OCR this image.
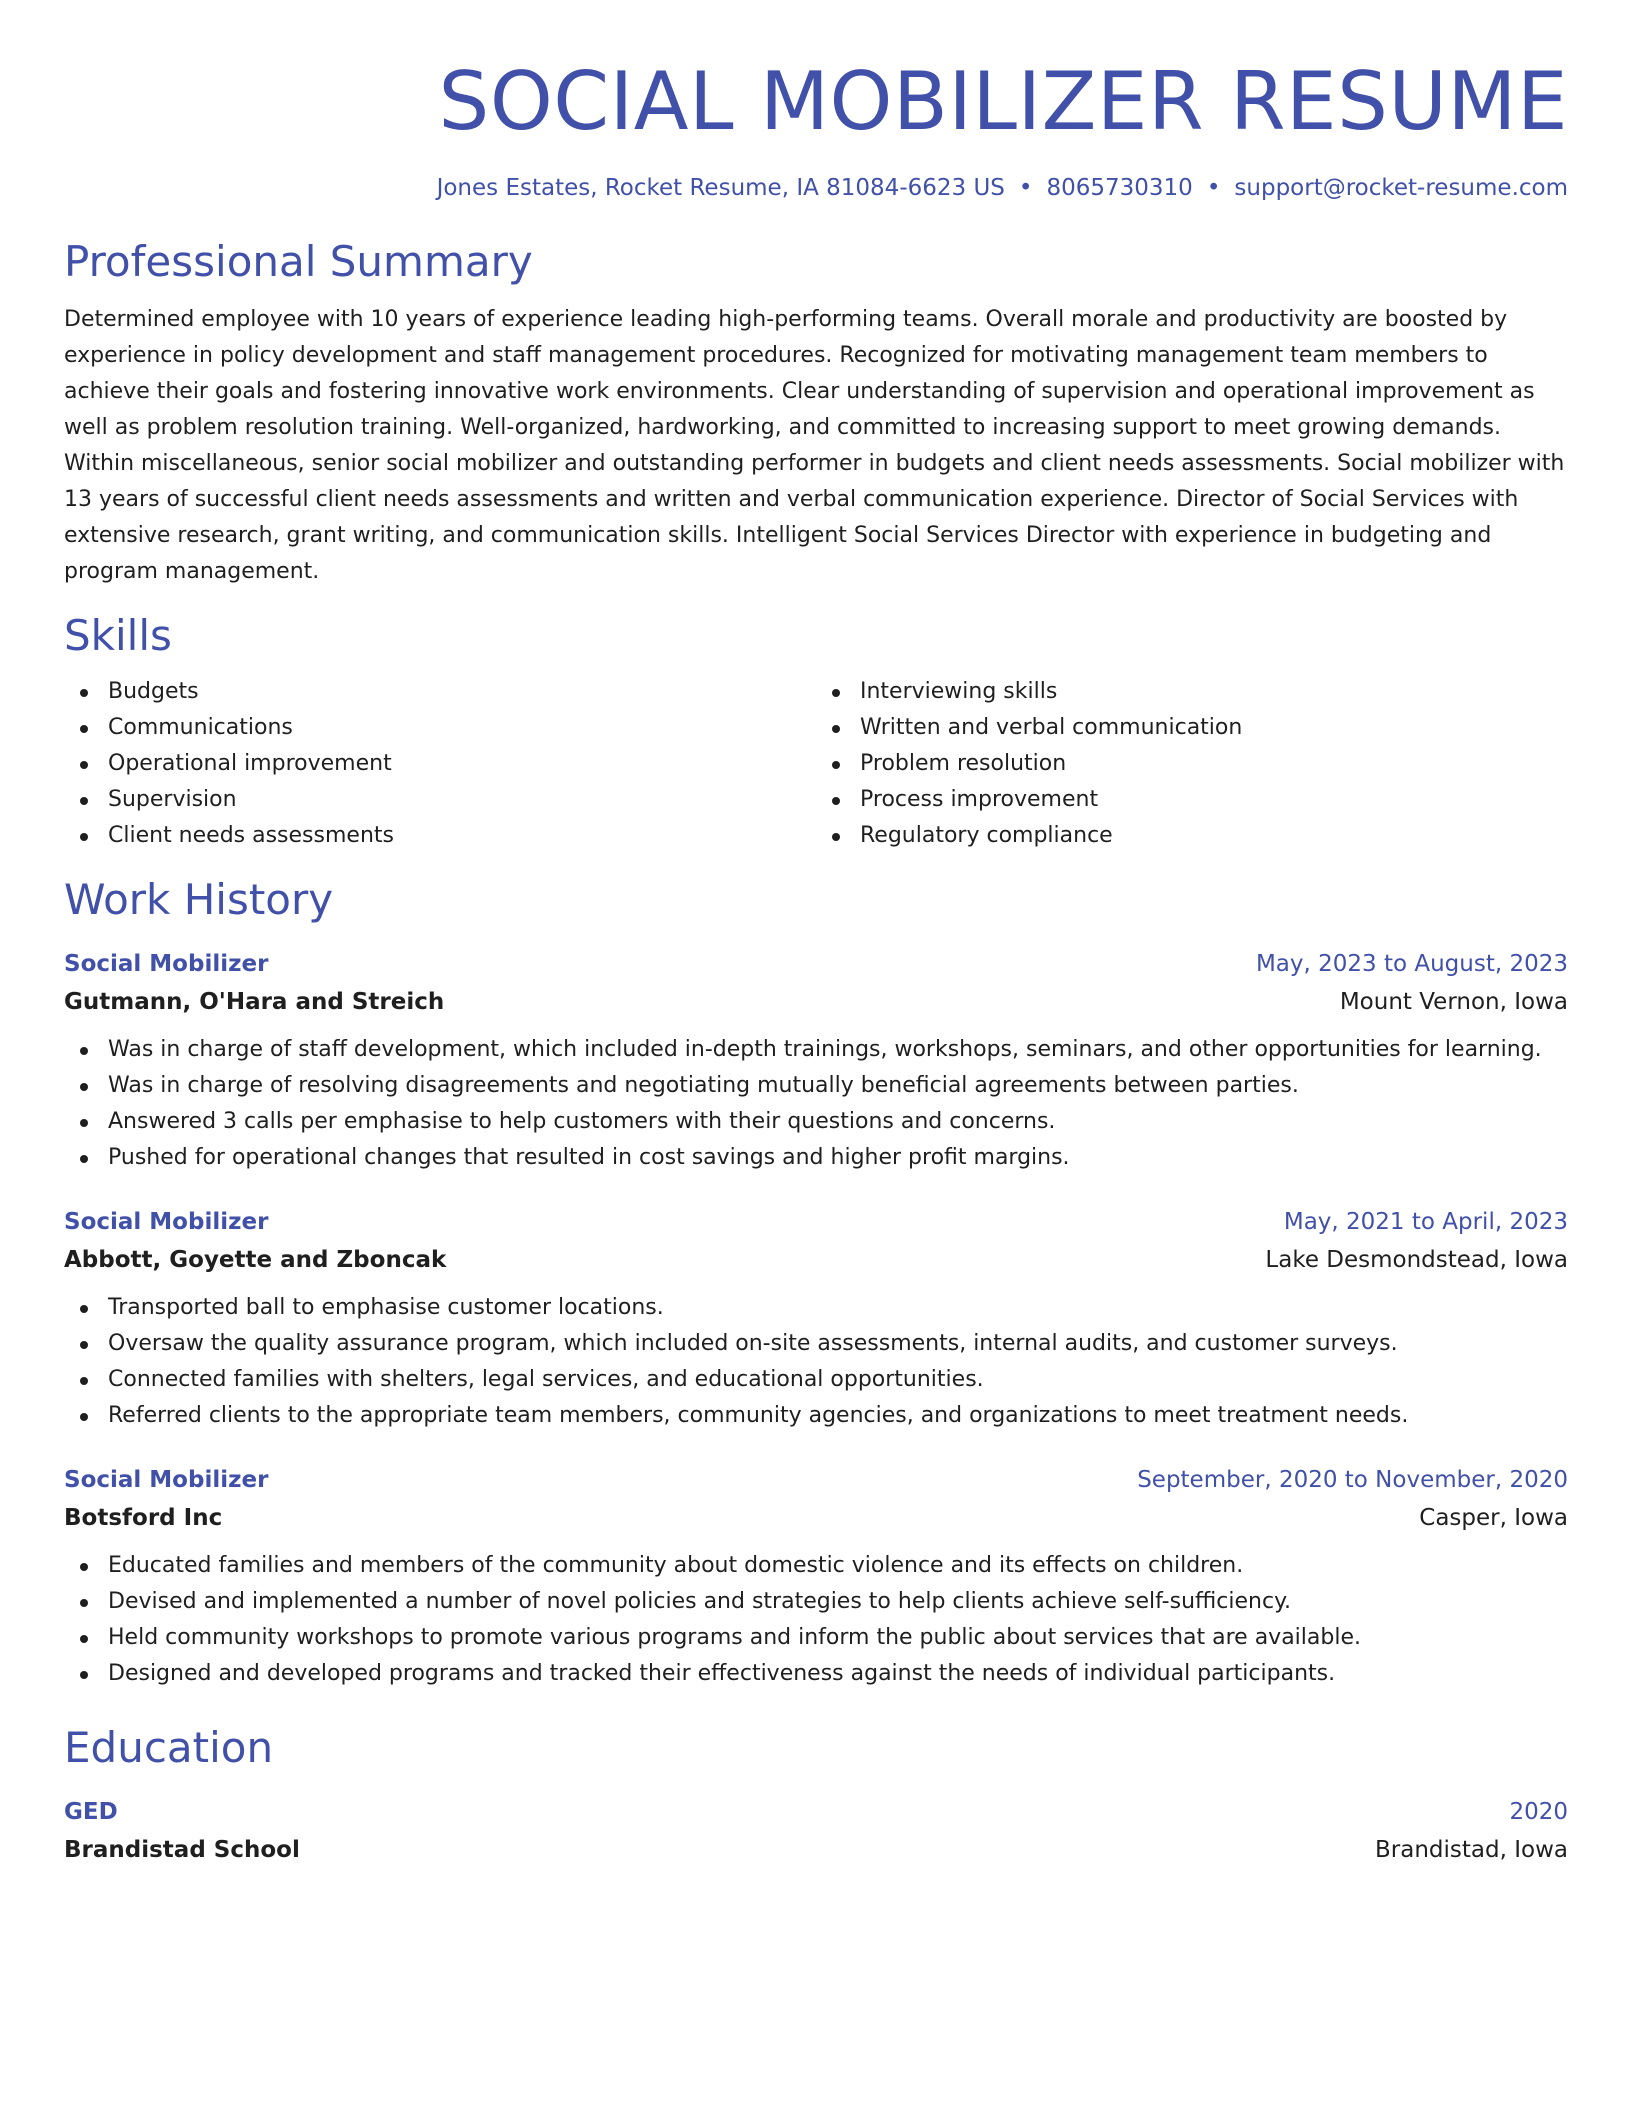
SOCIAL MOBILIZER RESUME
Jones Estates, Rocket Resume, IA 81084-6623 US • 8065730310 • support@rocket-resume.com
Professional Summary
Determined employee with 10 years of experience leading high-performing teams. Overall morale and productivity are boosted by experience in policy development and staff management procedures. Recognized for motivating management team members to achieve their goals and fostering innovative work environments. Clear understanding of supervision and operational improvement as well as problem resolution training. Well-organized, hardworking, and committed to increasing support to meet growing demands. Within miscellaneous, senior social mobilizer and outstanding performer in budgets and client needs assessments. Social mobilizer with 13 years of successful client needs assessments and written and verbal communication experience. Director of Social Services with extensive research, grant writing, and communication skills. Intelligent Social Services Director with experience in budgeting and program management.
Skills
Budgets
Communications
Operational improvement
Supervision
Client needs assessments
Interviewing skills
Written and verbal communication
Problem resolution
Process improvement
Regulatory compliance
Work History
Social Mobilizer	May, 2023 to August, 2023
Gutmann, O'Hara and Streich	Mount Vernon, Iowa
Was in charge of staff development, which included in-depth trainings, workshops, seminars, and other opportunities for learning.
Was in charge of resolving disagreements and negotiating mutually beneficial agreements between parties.
Answered 3 calls per emphasise to help customers with their questions and concerns.
Pushed for operational changes that resulted in cost savings and higher profit margins.
Social Mobilizer	May, 2021 to April, 2023
Abbott, Goyette and Zboncak	Lake Desmondstead, Iowa
Transported ball to emphasise customer locations.
Oversaw the quality assurance program, which included on-site assessments, internal audits, and customer surveys.
Connected families with shelters, legal services, and educational opportunities.
Referred clients to the appropriate team members, community agencies, and organizations to meet treatment needs.
Social Mobilizer	September, 2020 to November, 2020
Botsford Inc	Casper, Iowa
Educated families and members of the community about domestic violence and its effects on children.
Devised and implemented a number of novel policies and strategies to help clients achieve self-sufficiency.
Held community workshops to promote various programs and inform the public about services that are available.
Designed and developed programs and tracked their effectiveness against the needs of individual participants.
Education
GED	2020
Brandistad School	Brandistad, Iowa
